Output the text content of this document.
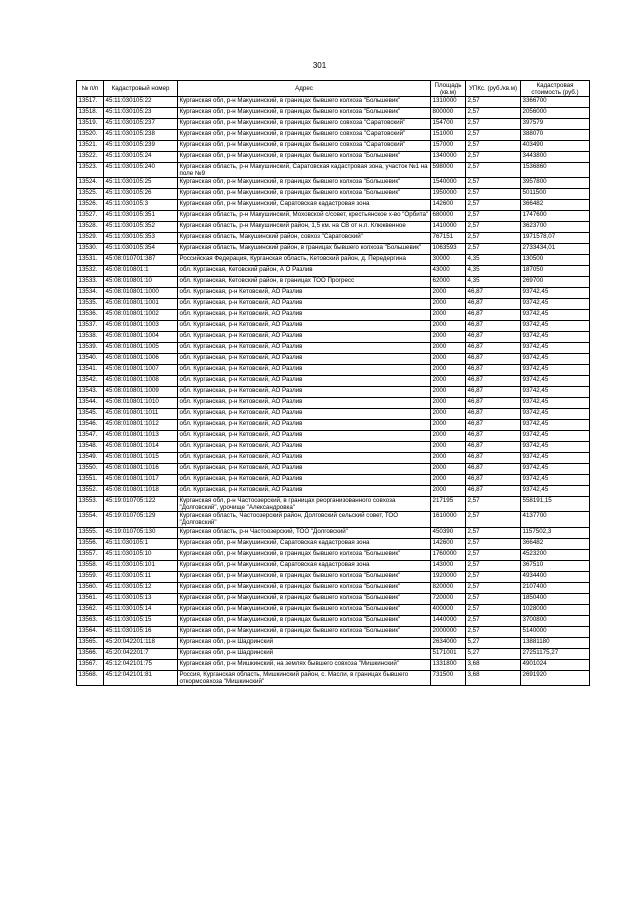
301
№ п/п	Кадастровый номер	Адрес	Площадь (кв.м)	УПКс. (руб./кв.м)	Кадастровая стоимость (руб.)
13517.	45:11:030105:22	Курганская обл, р-н Макушинский, в границах бывшего колхоза "Большевик"	1310000	2,57	3366700
13518.	45:11:030105:23	Курганская обл, р-н Макушинский, в границах бывшего колхоза "Большевик"	800000	2,57	2056000
13519.	45:11:030105:237	Курганская обл, р-н Макушинский, в границах бывшего совхоза "Саратовский"	154700	2,57	397579
13520.	45:11:030105:238	Курганская обл, р-н Макушинский, в границах бывшего совхоза "Саратовский"	151000	2,57	388070
13521.	45:11:030105:239	Курганская обл, р-н Макушинский, в границах бывшего совхоза "Саратовский"	157000	2,57	403490
13522.	45:11:030105:24	Курганская обл, р-н Макушинский, в границах бывшего колхоза "Большевик"	1340000	2,57	3443800
13523.	45:11:030105:240	Курганская область, р-н Макушинский, Саратовская кадастровая зона, участок №1 на поле №9	598000	2,57	1536860
13524.	45:11:030105:25	Курганская обл, р-н Макушинский, в границах бывшего колхоза "Большевик"	1540000	2,57	3957800
13525.	45:11:030105:26	Курганская обл, р-н Макушинский, в границах бывшего колхоза "Большевик"	1950000	2,57	5011500
13526.	45:11:030105:3	Курганская обл, р-н Макушинский, Саратовская кадастровая зона	142600	2,57	366482
13527.	45:11:030105:351	Курганская область, р-н Макушинский, Моховской с/совет, крестьянское х-во "Орбита"	680000	2,57	1747600
13528.	45:11:030105:352	Курганская область, р-н Макушинский район, 1,5 км. на СВ от н.п. Клюквенное	1410000	2,57	3623700
13529.	45:11:030105:353	Курганская область, Макушинский район, совхоз "Саратовский"	767151	2,57	1971578,07
13530.	45:11:030105:354	Курганская область, Макушинский район, в границах бывшего колхоза "Большевик"	1063593	2,57	2733434,01
13531.	45:08:010701:387	Российская Федерация, Курганская область, Кетовский район, д. Передергина	30000	4,35	130500
13532.	45:08:010801:1	обл. Курганская, Кетовский район, А О Разлив	43000	4,35	187050
13533.	45:08:010801:10	обл. Курганская, Кетовский район, в границах ТОО Прогресс	62000	4,35	269700
13534.	45:08:010801:1000	обл. Курганская, р-н Кетовский, АО Разлив	2000	46,87	93742,45
13535.	45:08:010801:1001	обл. Курганская, р-н Кетовский, АО Разлив	2000	46,87	93742,45
13536.	45:08:010801:1002	обл. Курганская, р-н Кетовский, АО Разлив	2000	46,87	93742,45
13537.	45:08:010801:1003	обл. Курганская, р-н Кетовский, АО Разлив	2000	46,87	93742,45
13538.	45:08:010801:1004	обл. Курганская, р-н Кетовский, АО Разлив	2000	46,87	93742,45
13539.	45:08:010801:1005	обл. Курганская, р-н Кетовский, АО Разлив	2000	46,87	93742,45
13540.	45:08:010801:1006	обл. Курганская, р-н Кетовский, АО Разлив	2000	46,87	93742,45
13541.	45:08:010801:1007	обл. Курганская, р-н Кетовский, АО Разлив	2000	46,87	93742,45
13542.	45:08:010801:1008	обл. Курганская, р-н Кетовский, АО Разлив	2000	46,87	93742,45
13543.	45:08:010801:1009	обл. Курганская, р-н Кетовский, АО Разлив	2000	46,87	93742,45
13544.	45:08:010801:1010	обл. Курганская, р-н Кетовский, АО Разлив	2000	46,87	93742,45
13545.	45:08:010801:1011	обл. Курганская, р-н Кетовский, АО Разлив	2000	46,87	93742,45
13546.	45:08:010801:1012	обл. Курганская, р-н Кетовский, АО Разлив	2000	46,87	93742,45
13547.	45:08:010801:1013	обл. Курганская, р-н Кетовский, АО Разлив	2000	46,87	93742,45
13548.	45:08:010801:1014	обл. Курганская, р-н Кетовский, АО Разлив	2000	46,87	93742,45
13549.	45:08:010801:1015	обл. Курганская, р-н Кетовский, АО Разлив	2000	46,87	93742,45
13550.	45:08:010801:1016	обл. Курганская, р-н Кетовский, АО Разлив	2000	46,87	93742,45
13551.	45:08:010801:1017	обл. Курганская, р-н Кетовский, АО Разлив	2000	46,87	93742,45
13552.	45:08:010801:1018	обл. Курганская, р-н Кетовский, АО Разлив	2000	46,87	93742,45
13553.	45:19:010705:122	Курганская обл, р-н Частоозерский, в границах реорганизованного совхоза "Долговский", урочище "Александровка"	217195	2,57	558191,15
13554.	45:19:010705:129	Курганская область, Частоозерский район, Долговский сельский совет, ТОО "Долговский"	1610000	2,57	4137700
13555.	45:19:010705:130	Курганская область, р-н Частоозерский, ТОО "Долговский"	450390	2,57	1157502,3
13556.	45:11:030105:1	Курганская обл, р-н Макушинский, Саратовская кадастровая зона	142600	2,57	366482
13557.	45:11:030105:10	Курганская обл, р-н Макушинский, в границах бывшего колхоза "Большевик"	1760000	2,57	4523200
13558.	45:11:030105:101	Курганская обл, р-н Макушинский, Саратовская кадастровая зона	143000	2,57	367510
13559.	45:11:030105:11	Курганская обл, р-н Макушинский, в границах бывшего колхоза "Большевик"	1920000	2,57	4934400
13560.	45:11:030105:12	Курганская обл, р-н Макушинский, в границах бывшего колхоза "Большевик"	820000	2,57	2107400
13561.	45:11:030105:13	Курганская обл, р-н Макушинский, в границах бывшего колхоза "Большевик"	720000	2,57	1850400
13562.	45:11:030105:14	Курганская обл, р-н Макушинский, в границах бывшего колхоза "Большевик"	400000	2,57	1028000
13563.	45:11:030105:15	Курганская обл, р-н Макушинский, в границах бывшего колхоза "Большевик"	1440000	2,57	3700800
13564.	45:11:030105:16	Курганская обл, р-н Макушинский, в границах бывшего колхоза "Большевик"	2000000	2,57	5140000
13565.	45:20:042201:118	Курганская обл, р-н Шадринский	2634000	5,27	13881180
13566.	45:20:042201:7	Курганская обл, р-н Шадринский	5171001	5,27	27251175,27
13567.	45:12:042101:75	Курганская обл, р-н Мишкинский, на землях бывшего совхоза "Мишкинский"	1331800	3,68	4901024
13568.	45:12:042101:81	Россия, Курганская область, Мишкинский район, с. Масли, в границах бывшего откормсовхоза "Мишкинский"	731500	3,68	2691920
